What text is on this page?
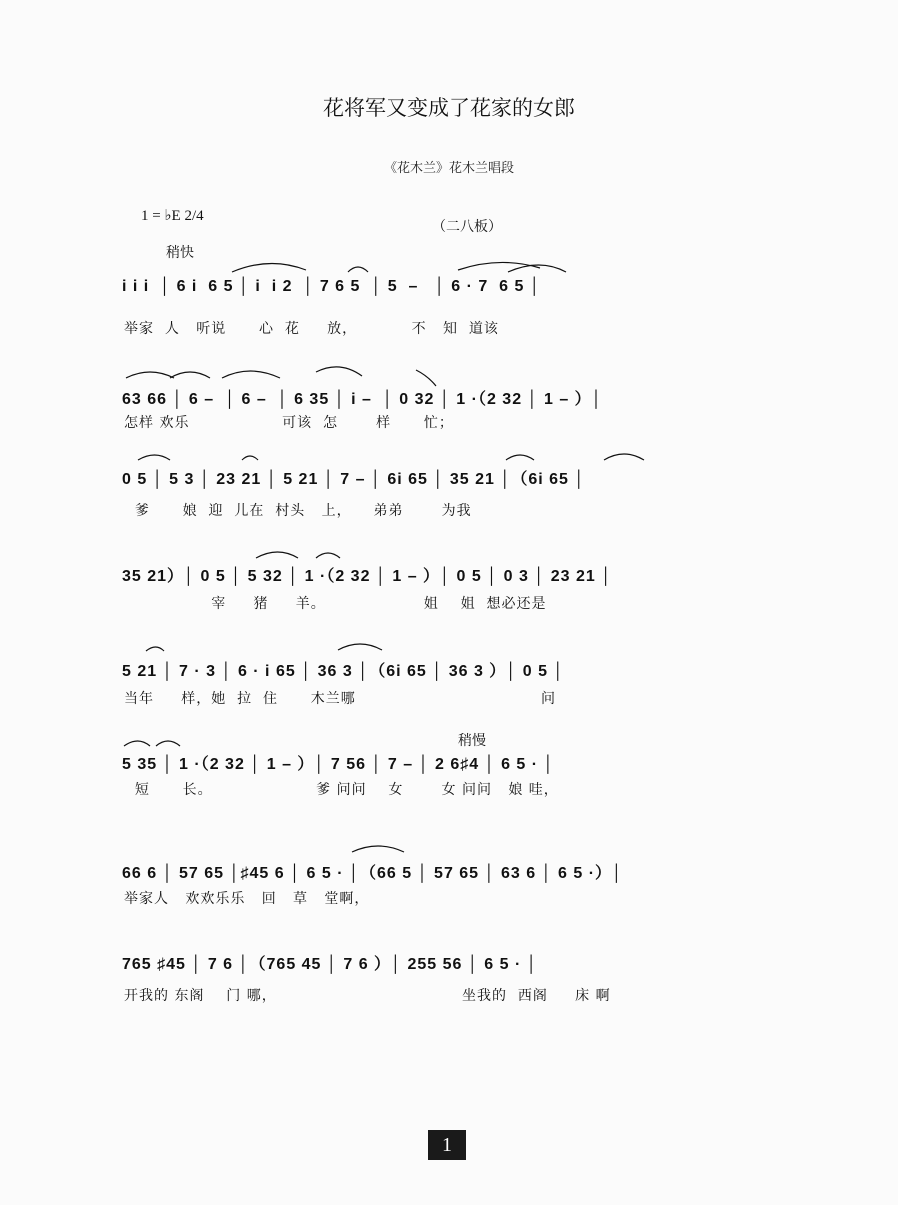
花将军又变成了花家的女郎
《花木兰》花木兰唱段
1 = ♭E 2/4
稍快
（二八板）
稍慢
i i i  │ 6 i  6 5 │ i  i 2  │ 7 6 5  │ 5  –   │ 6 · 7  6 5 │
举家  人   听说      心  花     放，          不   知  道该
63 66 │ 6 –  │ 6 –  │ 6 35 │ i –  │ 0 32 │ 1 ·（2 32 │ 1 – ）│
怎样 欢乐                 可该  怎       样      忙；
0 5 │ 5 3 │ 23 21 │ 5 21 │ 7 – │ 6i 65 │ 35 21 │（6i 65 │
爹      娘  迎  儿在  村头   上，    弟弟       为我
35 21）│ 0 5 │ 5 32 │ 1 ·（2 32 │ 1 – ）│ 0 5 │ 0 3 │ 23 21 │
宰     猪     羊。                  姐    姐  想必还是
5 21 │ 7 · 3 │ 6 · i 65 │ 36 3 │（6i 65 │ 36 3 ）│ 0 5 │
当年     样，她  拉  住      木兰哪                                  问
5 35 │ 1 ·（2 32 │ 1 – ）│ 7 56 │ 7 – │ 2 6♯4 │ 6 5 · │
短      长。                   爹 问问    女       女 问问   娘 哇，
66 6 │ 57 65 │♯45 6 │ 6 5 · │（66 5 │ 57 65 │ 63 6 │ 6 5 ·）│
举家人   欢欢乐乐   回   草   堂啊，
765 ♯45 │ 7 6 │（765 45 │ 7 6 ）│ 255 56 │ 6 5 · │
开我的 东阁    门 哪，                                  坐我的  西阁     床 啊
1
